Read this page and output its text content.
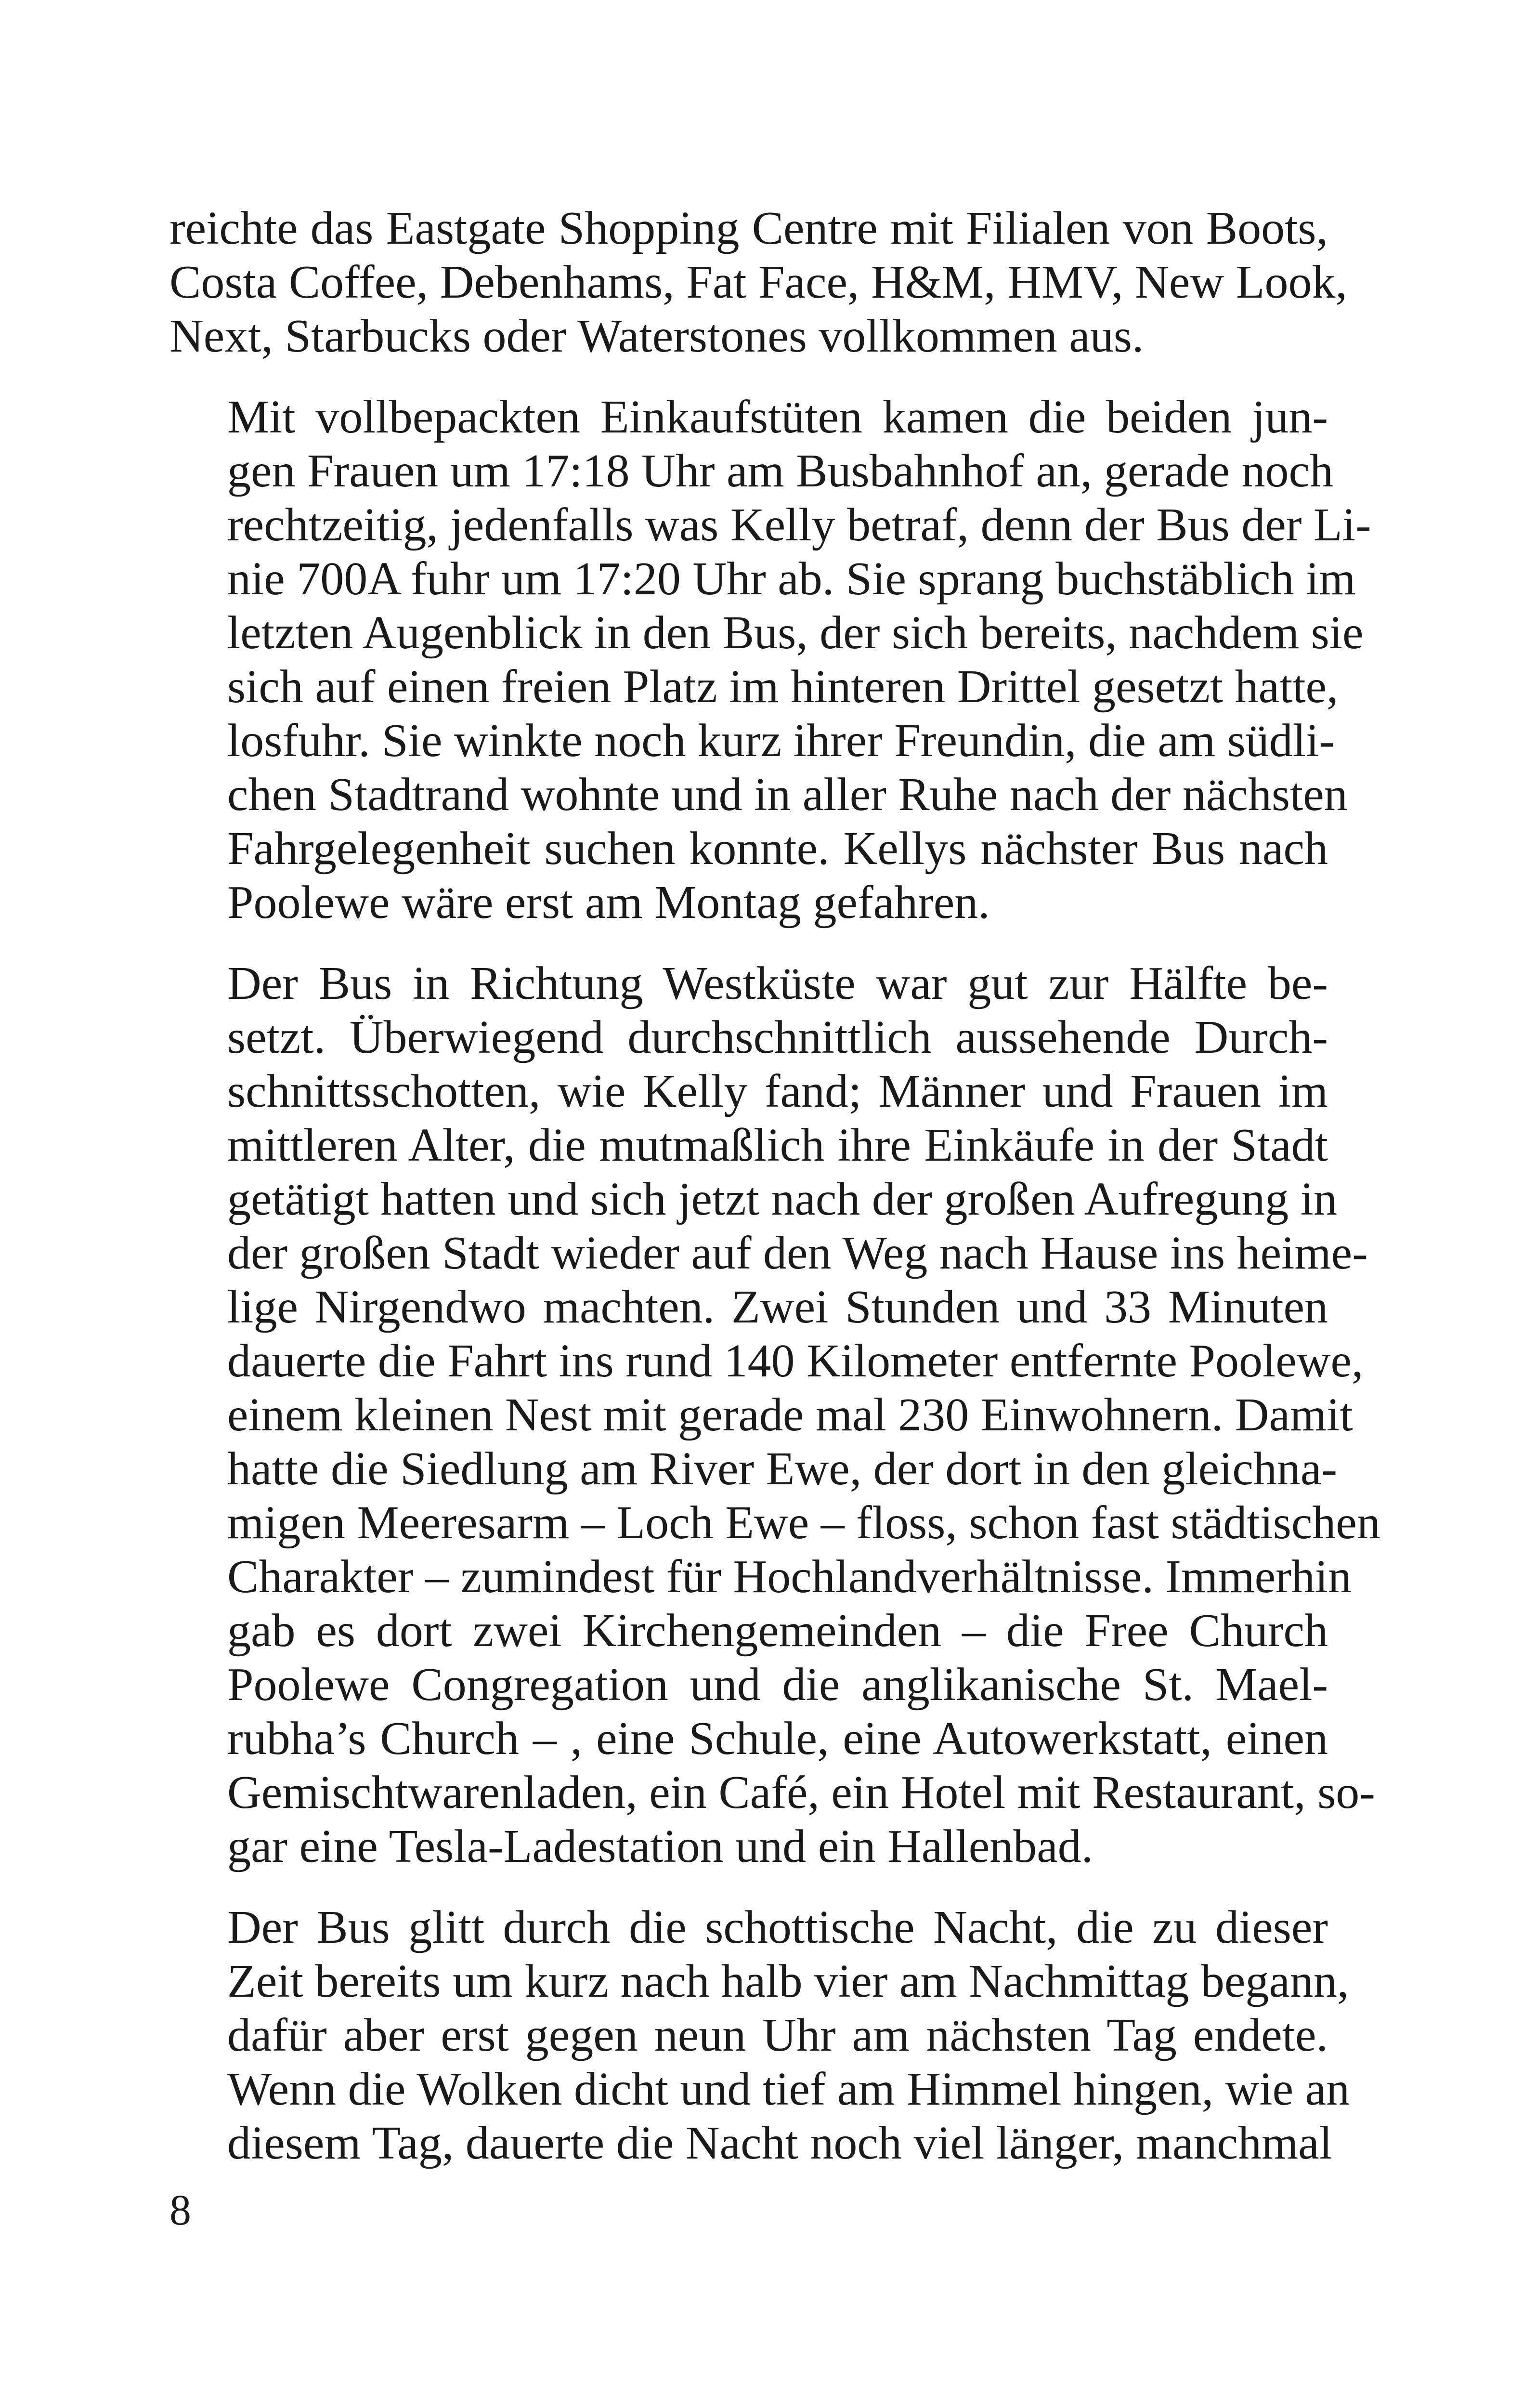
reichte das Eastgate Shopping Centre mit Filialen von Boots,
Costa Coffee, Debenhams, Fat Face, H&M, HMV, New Look,
Next, Starbucks oder Waterstones vollkommen aus.
Mit vollbepackten Einkaufstüten kamen die beiden jun-
gen Frauen um 17:18 Uhr am Busbahnhof an, gerade noch
rechtzeitig, jedenfalls was Kelly betraf, denn der Bus der Li-
nie 700A fuhr um 17:20 Uhr ab. Sie sprang buchstäblich im
letzten Augenblick in den Bus, der sich bereits, nachdem sie
sich auf einen freien Platz im hinteren Drittel gesetzt hatte,
losfuhr. Sie winkte noch kurz ihrer Freundin, die am südli-
chen Stadtrand wohnte und in aller Ruhe nach der nächsten
Fahrgelegenheit suchen konnte. Kellys nächster Bus nach
Poolewe wäre erst am Montag gefahren.
Der Bus in Richtung Westküste war gut zur Hälfte be-
setzt. Überwiegend durchschnittlich aussehende Durch-
schnittsschotten, wie Kelly fand; Männer und Frauen im
mittleren Alter, die mutmaßlich ihre Einkäufe in der Stadt
getätigt hatten und sich jetzt nach der großen Aufregung in
der großen Stadt wieder auf den Weg nach Hause ins heime-
lige Nirgendwo machten. Zwei Stunden und 33 Minuten
dauerte die Fahrt ins rund 140 Kilometer entfernte Poolewe,
einem kleinen Nest mit gerade mal 230 Einwohnern. Damit
hatte die Siedlung am River Ewe, der dort in den gleichna-
migen Meeresarm – Loch Ewe – floss, schon fast städtischen
Charakter – zumindest für Hochlandverhältnisse. Immerhin
gab es dort zwei Kirchengemeinden – die Free Church
Poolewe Congregation und die anglikanische St. Mael-
rubha’s Church – , eine Schule, eine Autowerkstatt, einen
Gemischtwarenladen, ein Café, ein Hotel mit Restaurant, so-
gar eine Tesla-Ladestation und ein Hallenbad.
Der Bus glitt durch die schottische Nacht, die zu dieser
Zeit bereits um kurz nach halb vier am Nachmittag begann,
dafür aber erst gegen neun Uhr am nächsten Tag endete.
Wenn die Wolken dicht und tief am Himmel hingen, wie an
diesem Tag, dauerte die Nacht noch viel länger, manchmal
8
